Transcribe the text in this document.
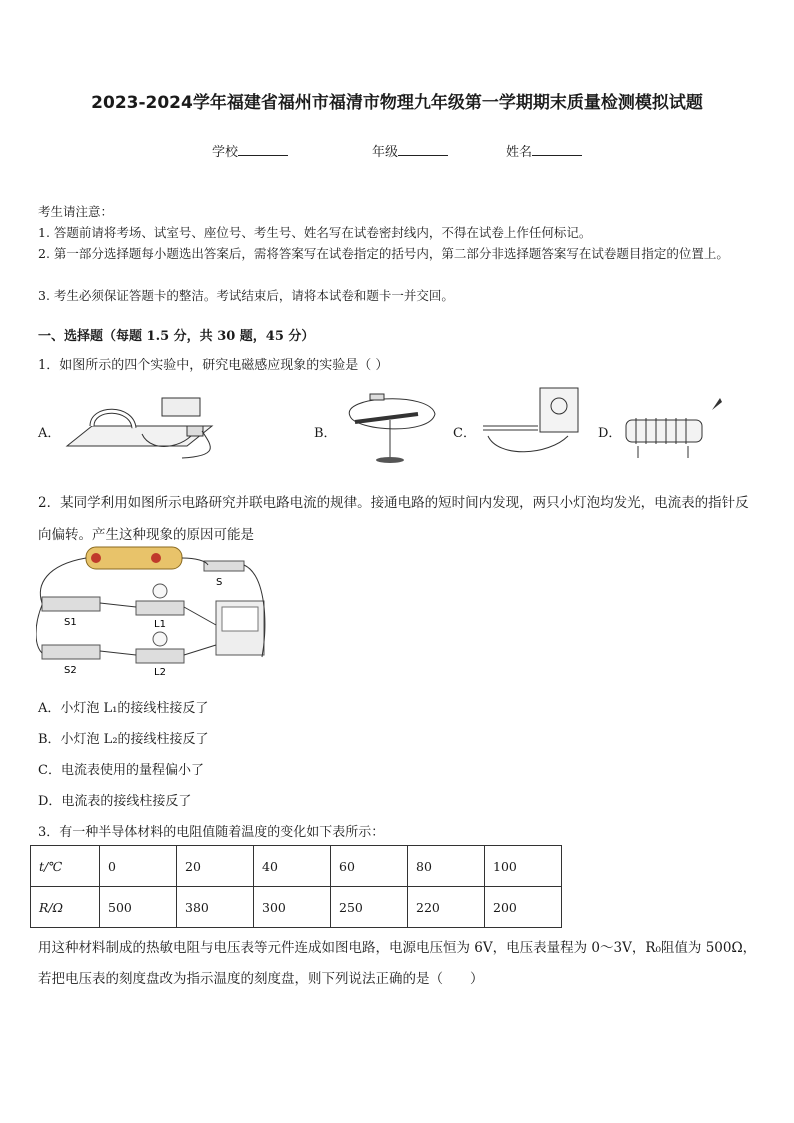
2023-2024学年福建省福州市福清市物理九年级第一学期期末质量检测模拟试题
学校	年级	姓名
考生请注意：
1. 答题前请将考场、试室号、座位号、考生号、姓名写在试卷密封线内，不得在试卷上作任何标记。
2. 第一部分选择题每小题选出答案后，需将答案写在试卷指定的括号内，第二部分非选择题答案写在试卷题目指定的位置上。
3. 考生必须保证答题卡的整洁。考试结束后，请将本试卷和题卡一并交回。
一、选择题（每题 1.5 分，共 30 题，45 分）
1．如图所示的四个实验中，研究电磁感应现象的实验是（ ）
A．	B．	C．	D．
2．某同学利用如图所示电路研究并联电路电流的规律。接通电路的短时间内发现，两只小灯泡均发光，电流表的指针反向偏转。产生这种现象的原因可能是
S
S1	L1
S2	L2
A．小灯泡 L₁的接线柱接反了
B．小灯泡 L₂的接线柱接反了
C．电流表使用的量程偏小了
D．电流表的接线柱接反了
3．有一种半导体材料的电阻值随着温度的变化如下表所示：
t/℃	0	20	40	60	80	100
R/Ω	500	380	300	250	220	200
用这种材料制成的热敏电阻与电压表等元件连成如图电路，电源电压恒为 6V，电压表量程为 0～3V，R₀阻值为 500Ω，若把电压表的刻度盘改为指示温度的刻度盘，则下列说法正确的是（　　）
